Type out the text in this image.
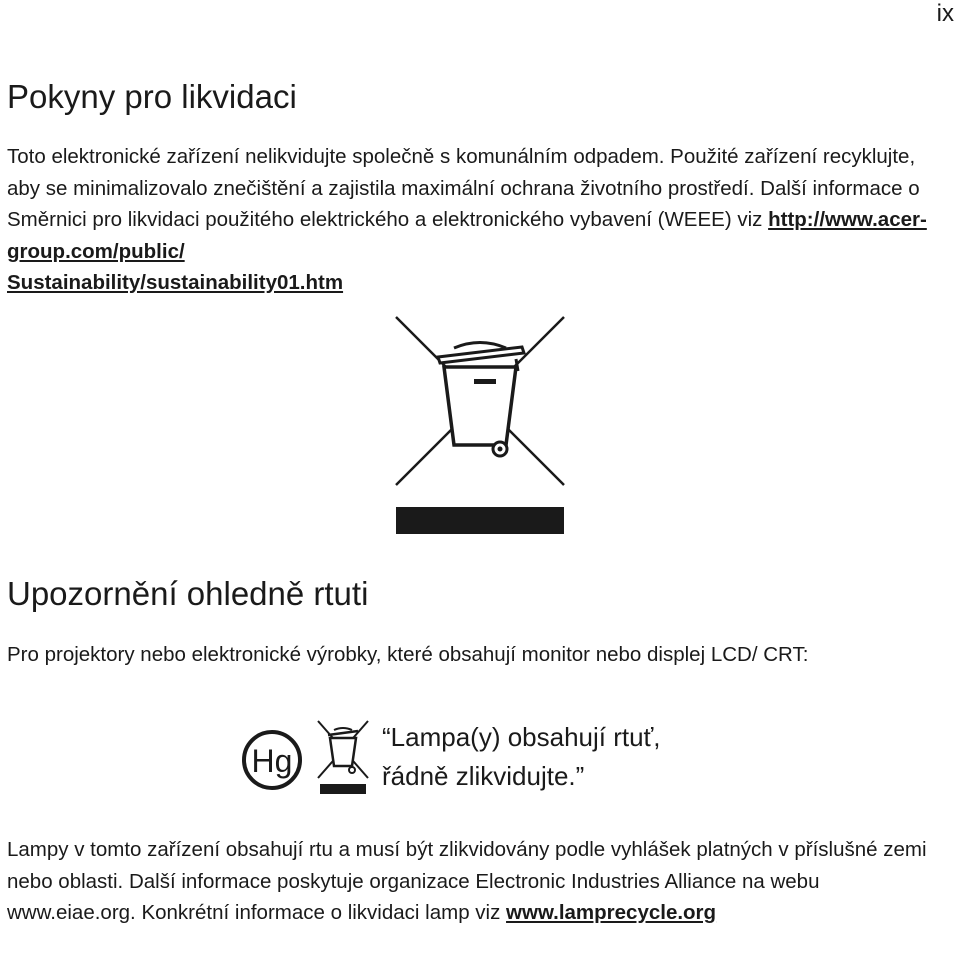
ix
Pokyny pro likvidaci

Toto elektronické zařízení nelikvidujte společně s komunálním odpadem. Použité zařízení recyklujte, aby se minimalizovalo znečištění a zajistila maximální ochrana životního prostředí. Další informace o Směrnici pro likvidaci použitého elektrického a elektronického vybavení (WEEE) viz http://www.acer-group.com/public/
Sustainability/sustainability01.htm

Upozornění ohledně rtuti

Pro projektory nebo elektronické výrobky, které obsahují monitor nebo displej LCD/ CRT:

Hg
“Lampa(y) obsahují rtuť,
řádně zlikvidujte.”

Lampy v tomto zařízení obsahují rtu a musí být zlikvidovány podle vyhlášek platných v příslušné zemi nebo oblasti. Další informace poskytuje organizace Electronic Industries Alliance na webu www.eiae.org. Konkrétní informace o likvidaci lamp viz www.lamprecycle.org
